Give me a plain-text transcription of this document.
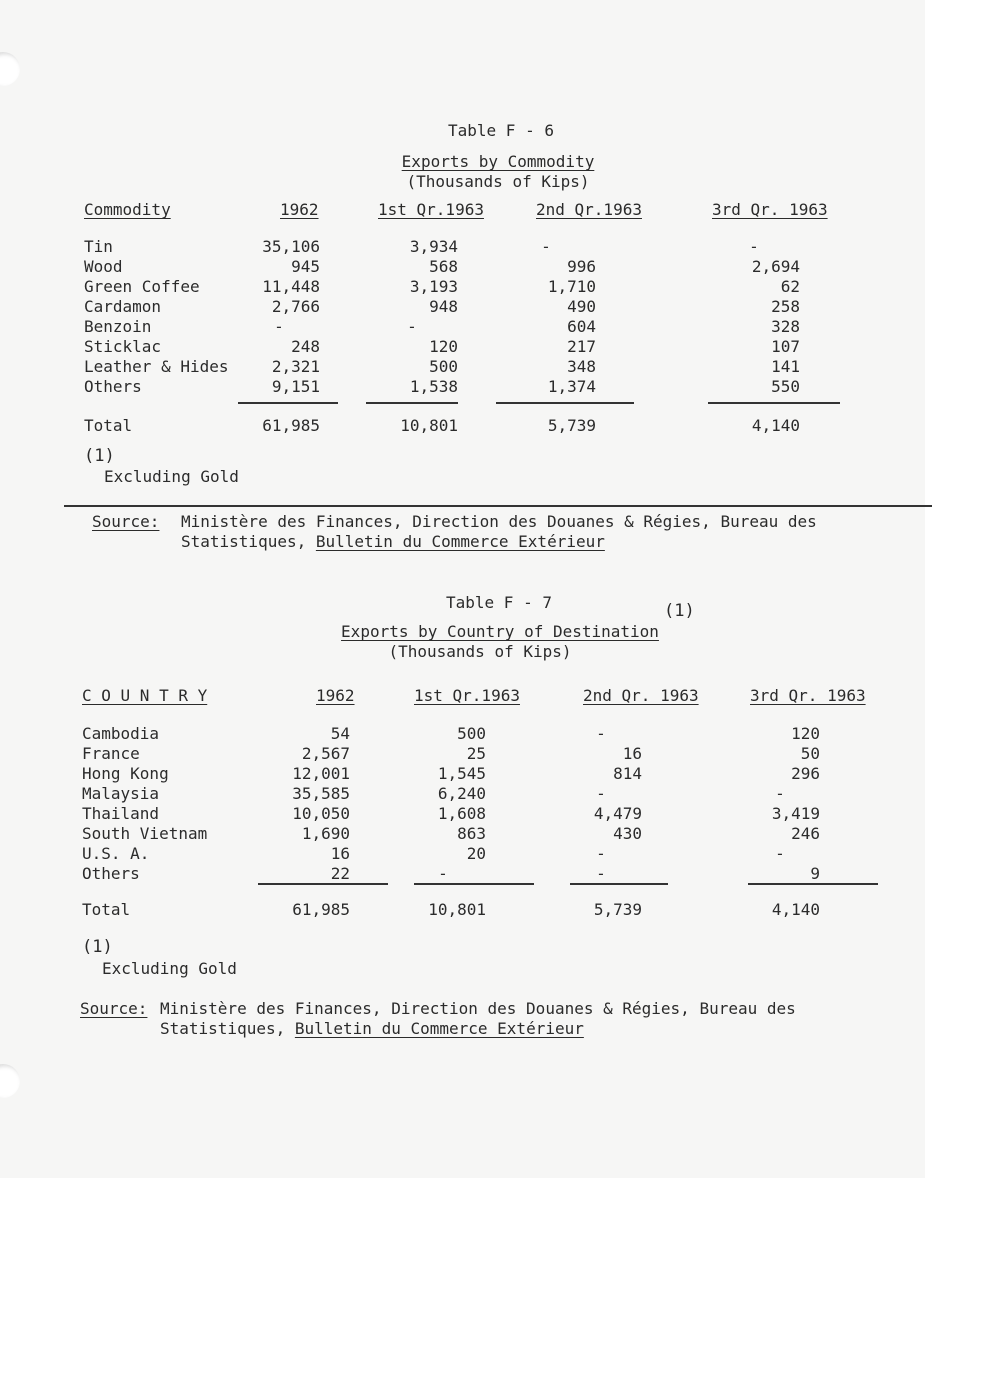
Table F - 6
Exports by Commodity
(Thousands of Kips)
Commodity	1962	1st Qr.1963	2nd Qr.1963	3rd Qr. 1963
Tin	35,106	3,934	-	-
Wood	945	568	996	2,694
Green Coffee	11,448	3,193	1,710	62
Cardamon	2,766	948	490	258
Benzoin	-	-	604	328
Sticklac	248	120	217	107
Leather & Hides	2,321	500	348	141
Others	9,151	1,538	1,374	550
Total	61,985	10,801	5,739	4,140
(1)
Excluding Gold
Source: Ministère des Finances, Direction des Douanes & Régies, Bureau des
Statistiques, Bulletin du Commerce Extérieur
Table F - 7	(1)
Exports by Country of Destination
(Thousands of Kips)
C O U N T R Y	1962	1st Qr.1963	2nd Qr. 1963	3rd Qr. 1963
Cambodia	54	500	-	120
France	2,567	25	16	50
Hong Kong	12,001	1,545	814	296
Malaysia	35,585	6,240	-	-
Thailand	10,050	1,608	4,479	3,419
South Vietnam	1,690	863	430	246
U.S. A.	16	20	-	-
Others	22	-	-	9
Total	61,985	10,801	5,739	4,140
(1)
Excluding Gold
Source: Ministère des Finances, Direction des Douanes & Régies, Bureau des
Statistiques, Bulletin du Commerce Extérieur
